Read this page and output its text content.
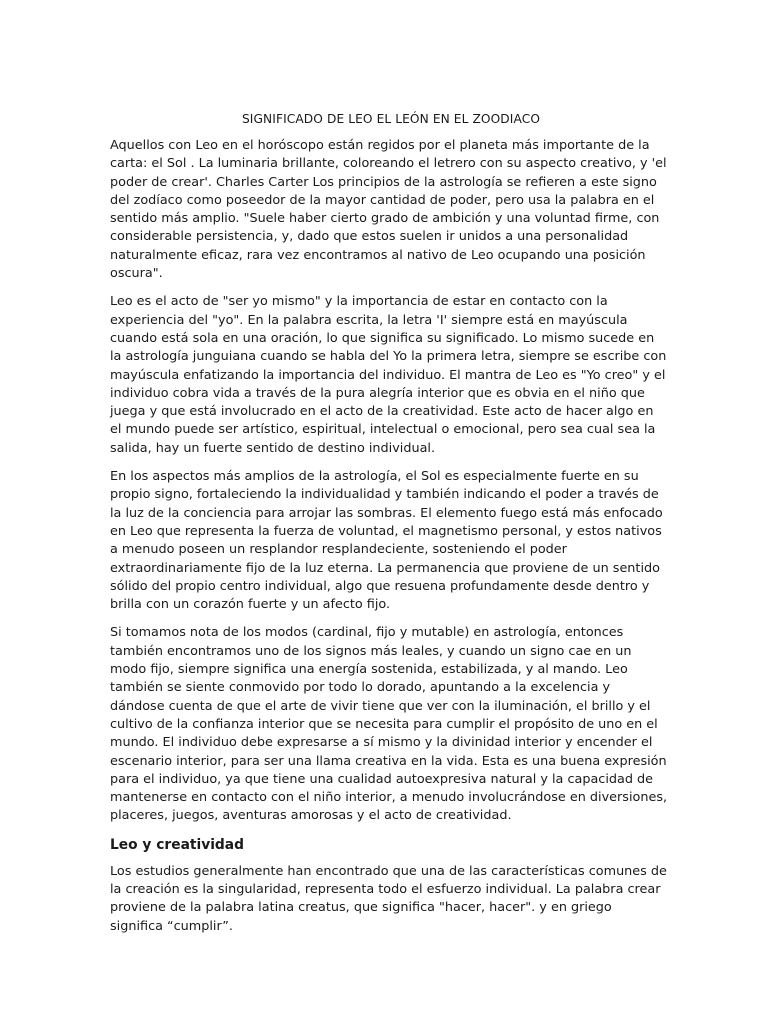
SIGNIFICADO DE LEO EL LEÓN EN EL ZOODIACO

Aquellos con Leo en el horóscopo están regidos por el planeta más importante de la carta: el Sol . La luminaria brillante, coloreando el letrero con su aspecto creativo, y 'el poder de crear'. Charles Carter Los principios de la astrología se refieren a este signo del zodíaco como poseedor de la mayor cantidad de poder, pero usa la palabra en el sentido más amplio. "Suele haber cierto grado de ambición y una voluntad firme, con considerable persistencia, y, dado que estos suelen ir unidos a una personalidad naturalmente eficaz, rara vez encontramos al nativo de Leo ocupando una posición oscura".

Leo es el acto de "ser yo mismo" y la importancia de estar en contacto con la experiencia del "yo". En la palabra escrita, la letra 'I' siempre está en mayúscula cuando está sola en una oración, lo que significa su significado. Lo mismo sucede en la astrología junguiana cuando se habla del Yo la primera letra, siempre se escribe con mayúscula enfatizando la importancia del individuo. El mantra de Leo es "Yo creo" y el individuo cobra vida a través de la pura alegría interior que es obvia en el niño que juega y que está involucrado en el acto de la creatividad. Este acto de hacer algo en el mundo puede ser artístico, espiritual, intelectual o emocional, pero sea cual sea la salida, hay un fuerte sentido de destino individual.

En los aspectos más amplios de la astrología, el Sol es especialmente fuerte en su propio signo, fortaleciendo la individualidad y también indicando el poder a través de la luz de la conciencia para arrojar las sombras. El elemento fuego está más enfocado en Leo que representa la fuerza de voluntad, el magnetismo personal, y estos nativos a menudo poseen un resplandor resplandeciente, sosteniendo el poder extraordinariamente fijo de la luz eterna. La permanencia que proviene de un sentido sólido del propio centro individual, algo que resuena profundamente desde dentro y brilla con un corazón fuerte y un afecto fijo.

Si tomamos nota de los modos (cardinal, fijo y mutable) en astrología, entonces también encontramos uno de los signos más leales, y cuando un signo cae en un modo fijo, siempre significa una energía sostenida, estabilizada, y al mando. Leo también se siente conmovido por todo lo dorado, apuntando a la excelencia y dándose cuenta de que el arte de vivir tiene que ver con la iluminación, el brillo y el cultivo de la confianza interior que se necesita para cumplir el propósito de uno en el mundo. El individuo debe expresarse a sí mismo y la divinidad interior y encender el escenario interior, para ser una llama creativa en la vida. Esta es una buena expresión para el individuo, ya que tiene una cualidad autoexpresiva natural y la capacidad de mantenerse en contacto con el niño interior, a menudo involucrándose en diversiones, placeres, juegos, aventuras amorosas y el acto de creatividad.

Leo y creatividad

Los estudios generalmente han encontrado que una de las características comunes de la creación es la singularidad, representa todo el esfuerzo individual. La palabra crear proviene de la palabra latina creatus, que significa "hacer, hacer". y en griego significa “cumplir”.
